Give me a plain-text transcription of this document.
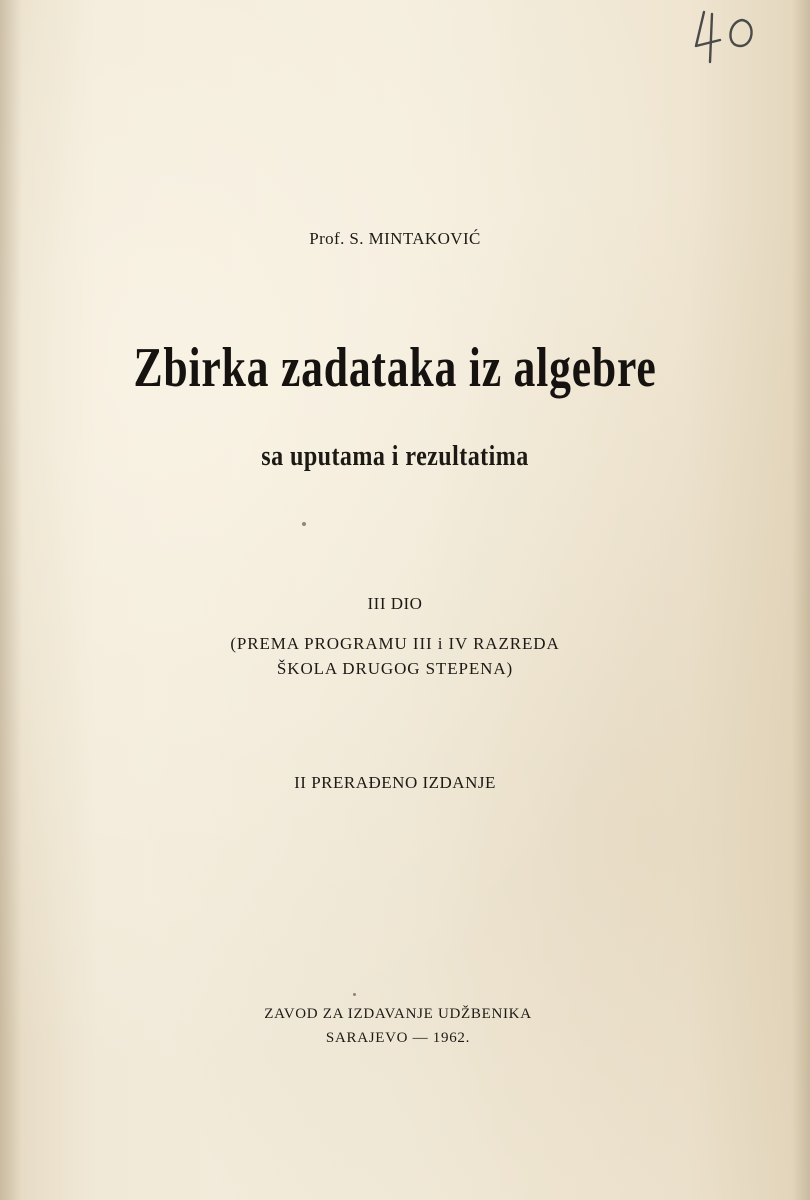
Prof. S. MINTAKOVIĆ
Zbirka zadataka iz algebre
sa uputama i rezultatima
III DIO
(PREMA PROGRAMU III i IV RAZREDA
ŠKOLA DRUGOG STEPENA)
II PRERAĐENO IZDANJE
ZAVOD ZA IZDAVANJE UDŽBENIKA
SARAJEVO — 1962.
